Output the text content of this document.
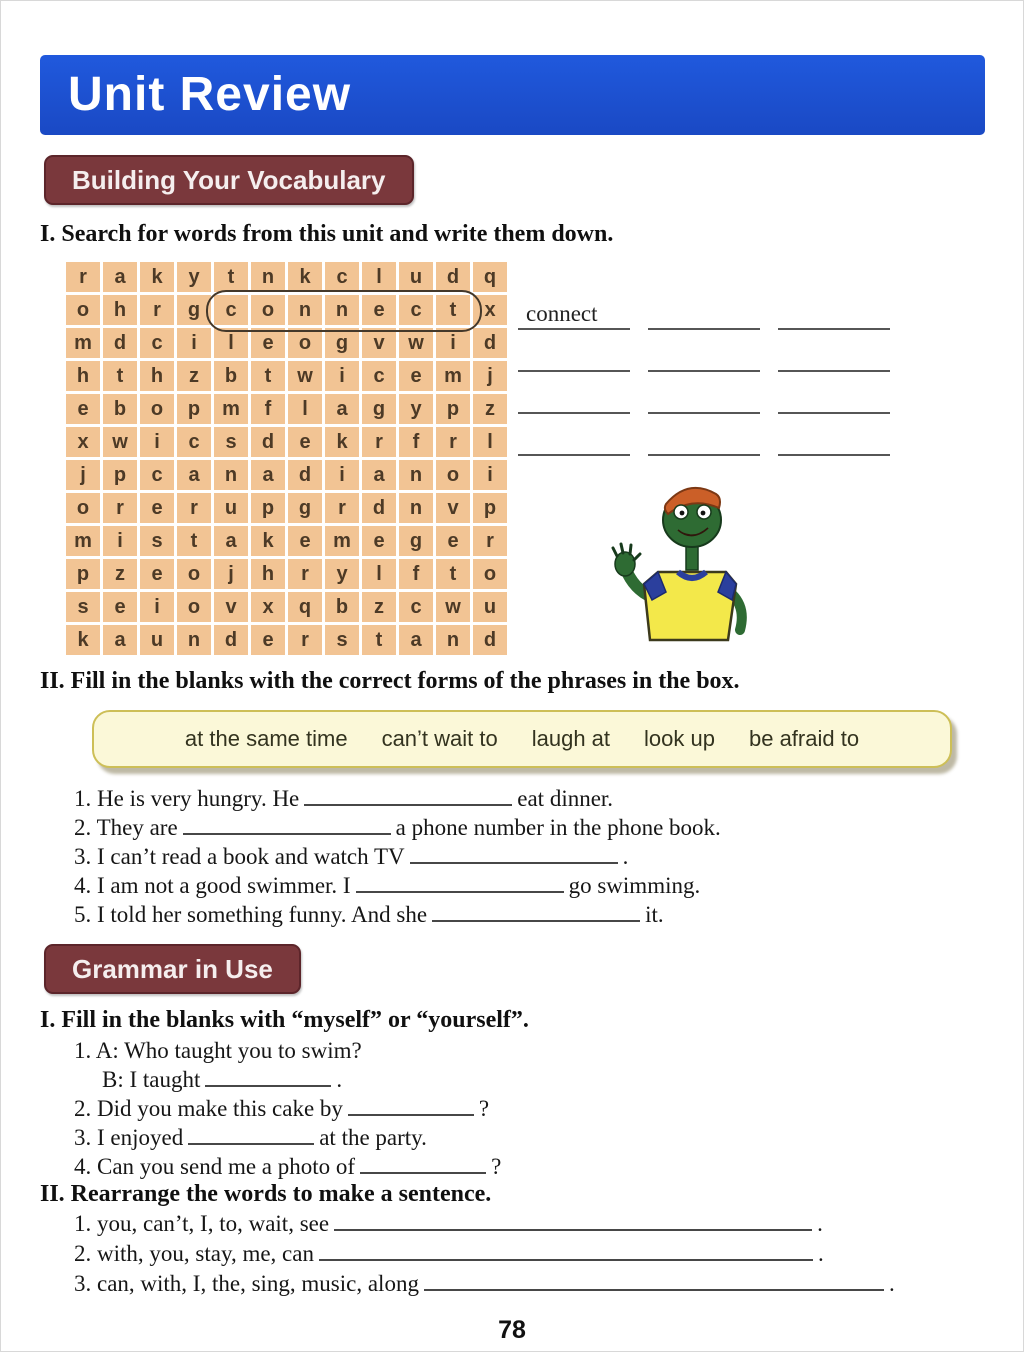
Unit Review
Building Your Vocabulary
I. Search for words from this unit and write them down.
r	a	k	y	t	n	k	c	l	u	d	q
o	h	r	g	c	o	n	n	e	c	t	x
m	d	c	i	l	e	o	g	v	w	i	d
h	t	h	z	b	t	w	i	c	e	m	j
e	b	o	p	m	f	l	a	g	y	p	z
x	w	i	c	s	d	e	k	r	f	r	l
j	p	c	a	n	a	d	i	a	n	o	i
o	r	e	r	u	p	g	r	d	n	v	p
m	i	s	t	a	k	e	m	e	g	e	r
p	z	e	o	j	h	r	y	l	f	t	o
s	e	i	o	v	x	q	b	z	c	w	u
k	a	u	n	d	e	r	s	t	a	n	d
connect
II. Fill in the blanks with the correct forms of the phrases in the box.
at the same time can’t wait to laugh at look up be afraid to
1. He is very hungry. He	eat dinner.
2. They are	a phone number in the phone book.
3. I can’t read a book and watch TV	.
4. I am not a good swimmer. I	go swimming.
5. I told her something funny. And she	it.
Grammar in Use
I. Fill in the blanks with “myself” or “yourself”.
1. A: Who taught you to swim?
B: I taught	.
2. Did you make this cake by	?
3. I enjoyed	at the party.
4. Can you send me a photo of	?
II. Rearrange the words to make a sentence.
1. you, can’t, I, to, wait, see	.
2. with, you, stay, me, can	.
3. can, with, I, the, sing, music, along	.
78
